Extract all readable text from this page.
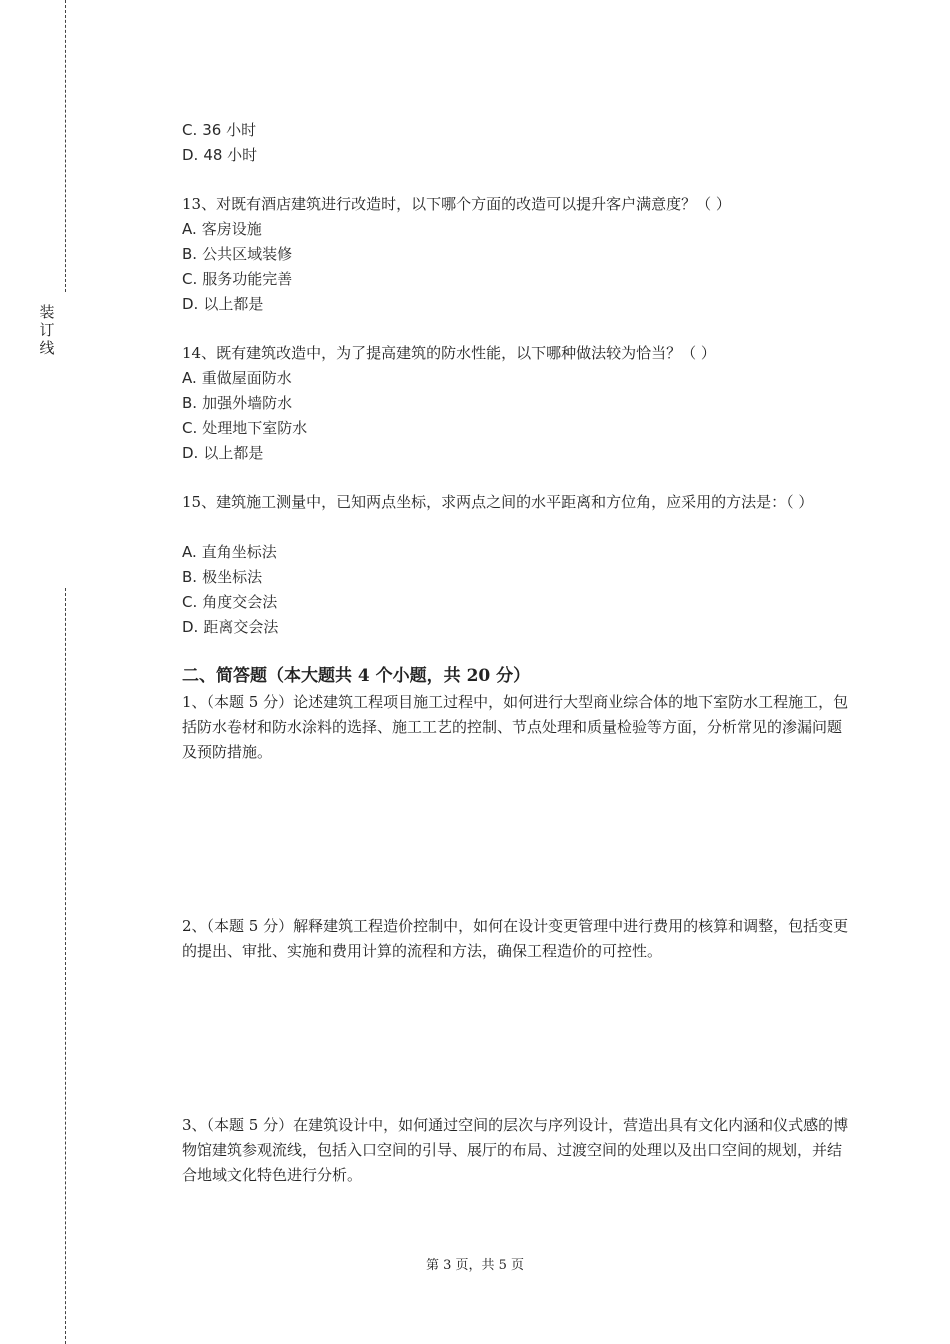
装
订
线
C. 36 小时
D. 48 小时
13、对既有酒店建筑进行改造时，以下哪个方面的改造可以提升客户满意度？（ ）
A. 客房设施
B. 公共区域装修
C. 服务功能完善
D. 以上都是
14、既有建筑改造中，为了提高建筑的防水性能，以下哪种做法较为恰当？（ ）
A. 重做屋面防水
B. 加强外墙防水
C. 处理地下室防水
D. 以上都是
15、建筑施工测量中，已知两点坐标，求两点之间的水平距离和方位角，应采用的方法是：（ ）
A. 直角坐标法
B. 极坐标法
C. 角度交会法
D. 距离交会法
二、简答题（本大题共 4 个小题，共 20 分）
1、（本题 5 分）论述建筑工程项目施工过程中，如何进行大型商业综合体的地下室防水工程施工，包括防水卷材和防水涂料的选择、施工工艺的控制、节点处理和质量检验等方面，分析常见的渗漏问题及预防措施。
2、（本题 5 分）解释建筑工程造价控制中，如何在设计变更管理中进行费用的核算和调整，包括变更的提出、审批、实施和费用计算的流程和方法，确保工程造价的可控性。
3、（本题 5 分）在建筑设计中，如何通过空间的层次与序列设计，营造出具有文化内涵和仪式感的博物馆建筑参观流线，包括入口空间的引导、展厅的布局、过渡空间的处理以及出口空间的规划，并结合地域文化特色进行分析。
第 3 页，共 5 页
